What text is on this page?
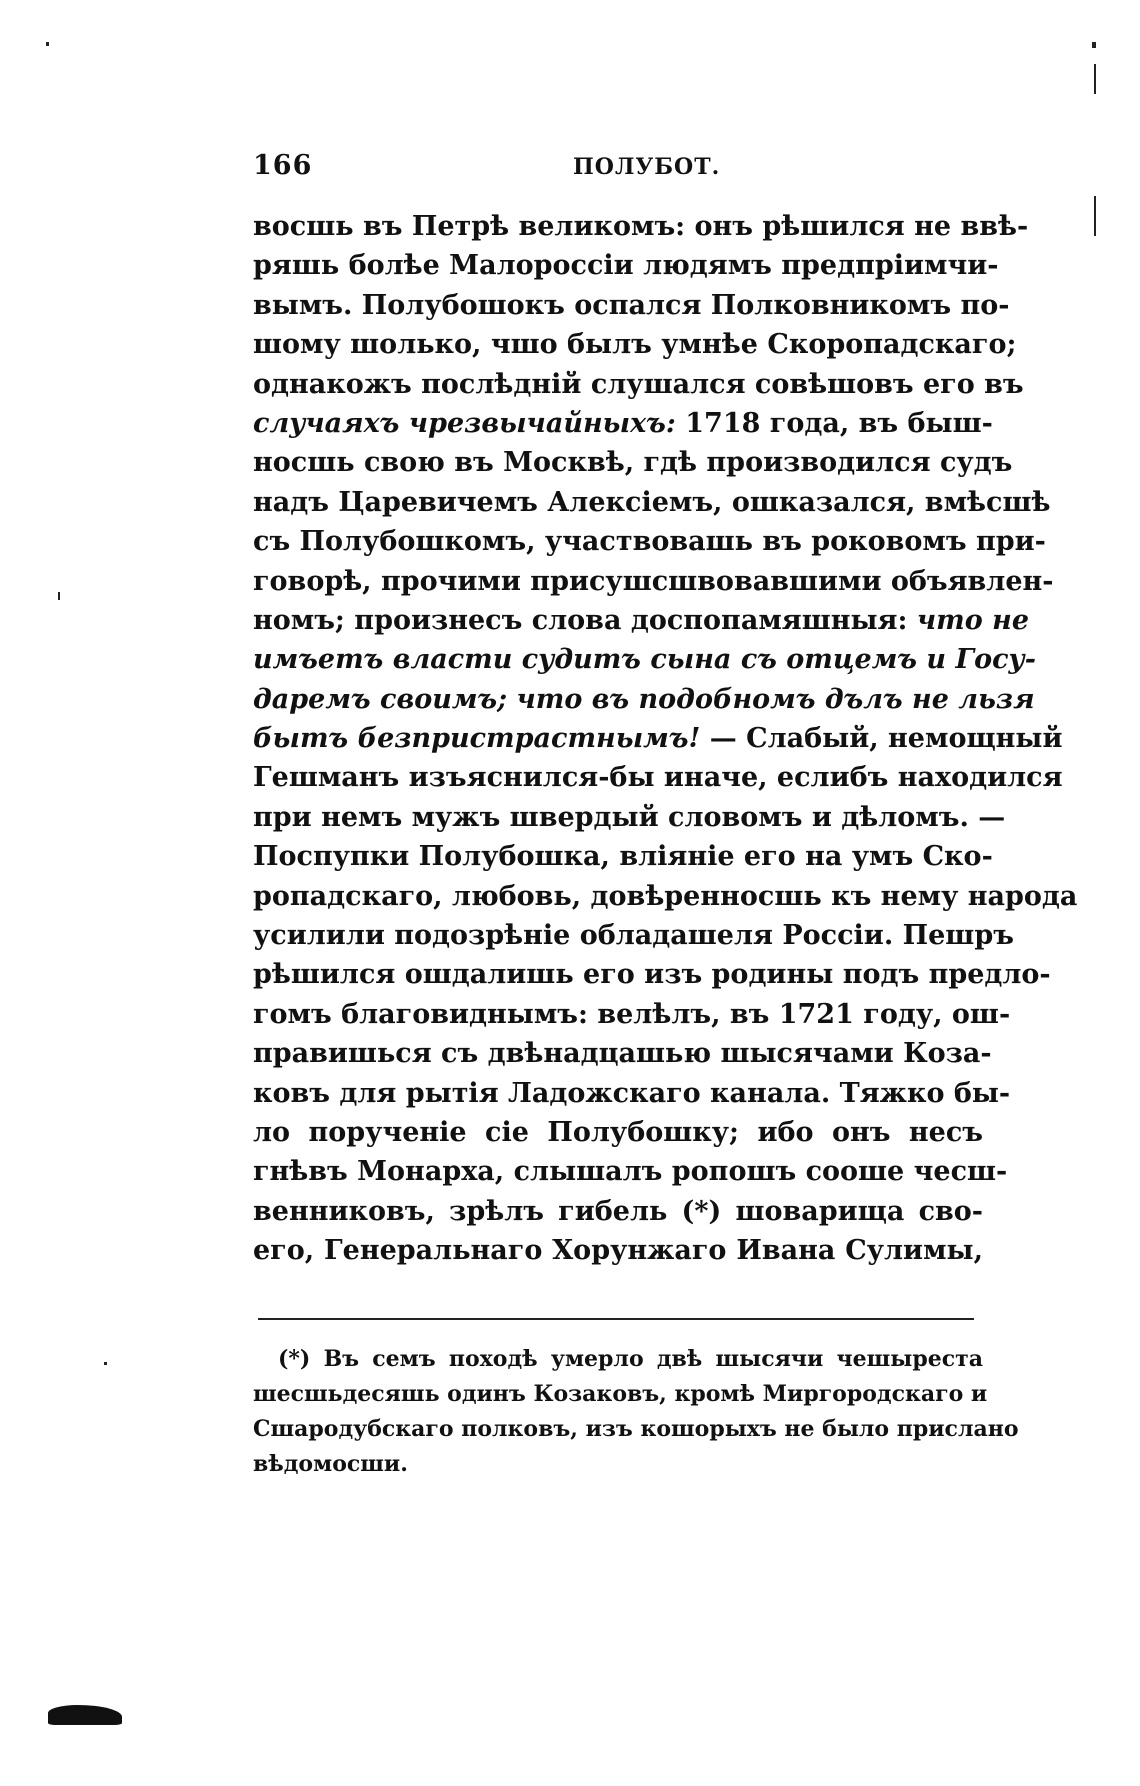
166	ПОЛУБОТ.
восшь въ Петрѣ великомъ: онъ рѣшился не ввѣ-
ряшь болѣе Малороссіи людямъ предпріимчи-
вымъ. Полубошокъ оспался Полковникомъ по-
шому шолько, чшо былъ умнѣе Скоропадскаго;
однакожъ послѣдній слушался совѣшовъ его въ
случаяхъ чрезвычайныхъ: 1718 года, въ быш-
носшь свою въ Москвѣ, гдѣ производился судъ
надъ Царевичемъ Алексіемъ, ошказался, вмѣсшѣ
съ Полубошкомъ, участвовашь въ роковомъ при-
говорѣ, прочими присушсшвовавшими объявлен-
номъ; произнесъ слова доспопамяшныя: что не
имъетъ власти судитъ сына съ отцемъ и Госу-
даремъ своимъ; что въ подобномъ дълъ не льзя
бытъ безпристрастнымъ! — Слабый, немощный
Гешманъ изъяснился-бы иначе, еслибъ находился
при немъ мужъ швердый словомъ и дѣломъ. —
Поспупки Полубошка, вліяніе его на умъ Ско-
ропадскаго, любовь, довѣренносшь къ нему народа
усилили подозрѣніе обладашеля Россіи. Пешръ
рѣшился ошдалишь его изъ родины подъ предло-
гомъ благовиднымъ: велѣлъ, въ 1721 году, ош-
правишься съ двѣнадцашью шысячами Коза-
ковъ для рытія Ладожскаго канала. Тяжко бы-
ло порученіе сіе Полубошку; ибо онъ несъ
гнѣвъ Монарха, слышалъ ропошъ сооше чесш-
венниковъ, зрѣлъ гибель (*) шоварища сво-
его, Генеральнаго Хорунжаго Ивана Сулимы,
(*) Въ семъ походѣ умерло двѣ шысячи чешыреста
шесшьдесяшь одинъ Козаковъ, кромѣ Миргородскаго и
Сшародубскаго полковъ, изъ кошорыхъ не было прислано
вѣдомосши.
